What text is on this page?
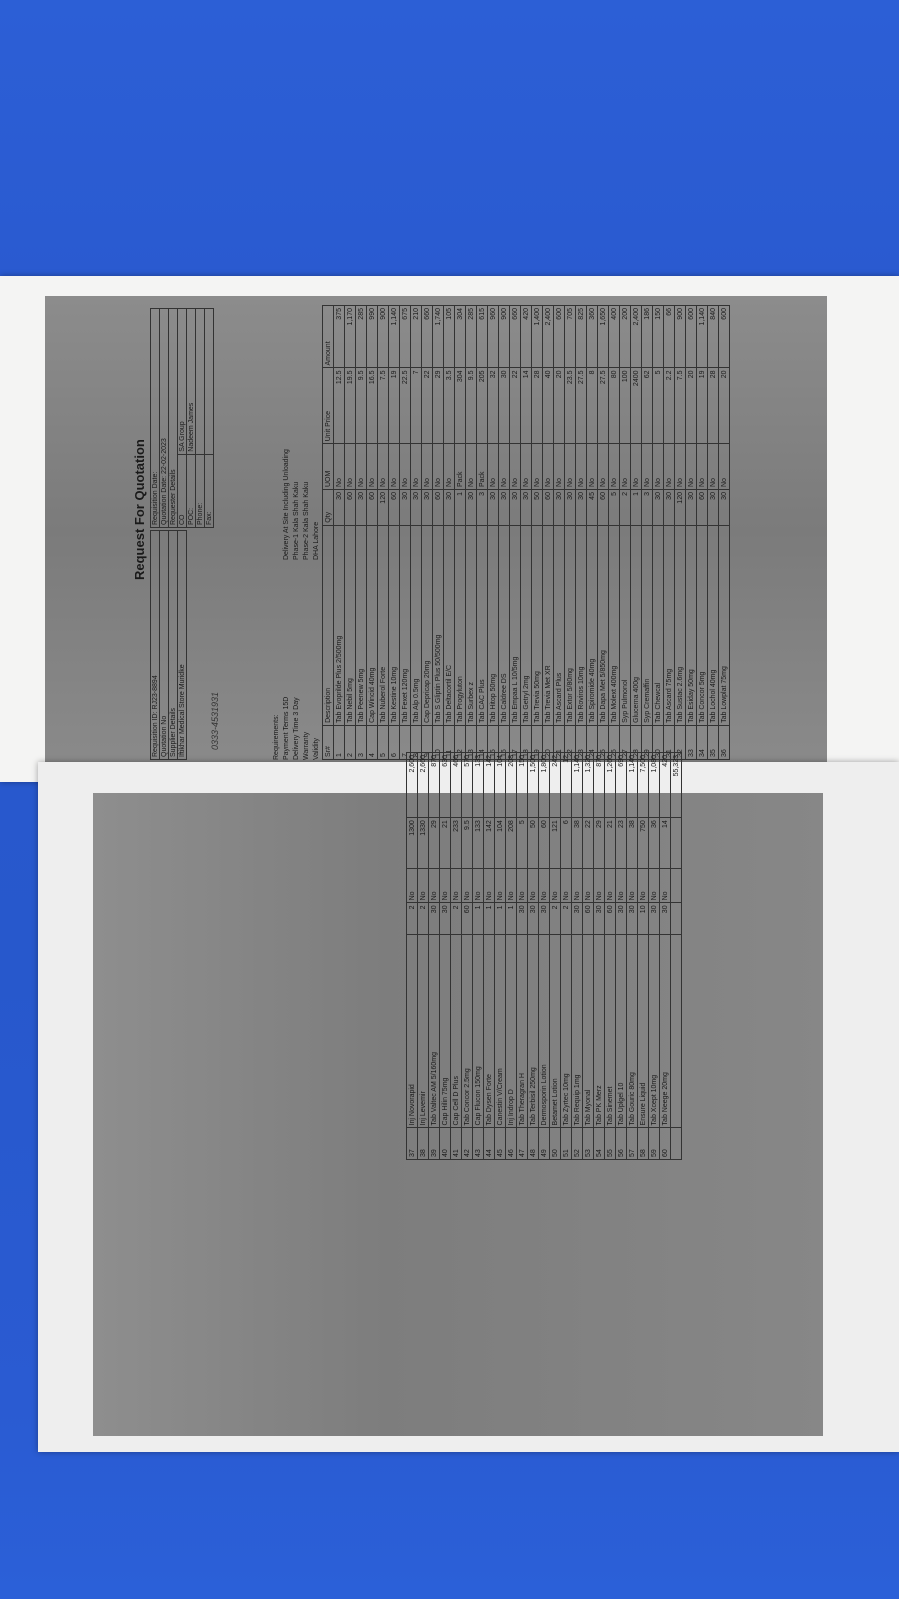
Request For Quotation
Requisition ID: RJ23-8894
Quotation No
Supplier Details
Iftikhar Medical Store Muridke
Requisition Date:	
Quotation Date: 22-02-2023	
Requester Details	
CO	SA Group
POC:	Nadeem James
Phone:	
Fax:	
0333-4531931	Requirements: Payment Terms 15D Delivery Time 3 Day Warranty Validity
Delivery At Site Including Unloading Phase-1 Kala Shah Kaku Phase-2 Kala Shah Kaku DHA Lahore
Sr#	Description	Qty	UOM	Unit Price	Amount
1	Tab Evoprilde Plus 2/500mg	30	No	12.5	375
2	Tab Nebil 5mg	60	No	19.5	1,170
3	Tab Peenew 5mg	30	No	9.5	285
4	Cap Wincid 40mg	60	No	16.5	990
5	Tab Nuberol Forte	120	No	7.5	900
6	Tab Kestine 10mg	60	No	19	1,140
7	Tab Fexet 120mg	30	No	22.5	675
8	Tab Alp 0.5mg	30	No	7	210
9	Cap Depricap 20mg	30	No	22	660
10	Tab S Gliptin Plus 50/500mg	60	No	29	1,740
11	Tab Deltacortil E/C	30	No	3.5	105
12	Tab Progyluton	1	Pack	304	304
13	Tab Surbex z	30	No	9.5	285
14	Tab CAC Plus	3	Pack	205	615
15	Tab Hitop 50mg	30	No	32	960
16	Tab Caldree DS	30	No	30	900
17	Tab Empaa L 10/5mg	30	No	22	660
18	Tab Getryl 2mg	30	No	14	420
19	Tab Trevia 50mg	50	No	28	1,400
20	Tab Trevia Met XR	60	No	40	2,400
21	Tab Ascard Plus	30	No	20	600
22	Tab Extor 5/80mg	30	No	23.5	705
23	Tab Roviros 10mg	30	No	27.5	825
24	Tab Spiromide 40mg	45	No	8	360
25	Tab Dapa Met 5/850mg	60	No	27.5	1,650
26	Tab Molext 400mg	5	No	80	400
27	Syp Pulmonol	2	No	100	200
28	Glucerna 400g	1	No	2400	2,400
29	Syp Cremaffin	3	No	62	186
30	Tab Chewcal	30	No	5	150
31	Tab Ascard 75mg	30	No	2.2	66
32	Tab Sustac 2.6mg	120	No	7.5	900
33	Tab Esiday 50mg	30	No	20	600
34	Tab Concor 5mg	60	No	19	1,140
35	Tab Lochol 40mg	30	No	28	840
36	Tab Lowplat 75mg	30	No	20	600
37	Inj Novorapid	2	No	1300	2,600
38	Inj Levemir	2	No	1330	2,660
39	Tab Valtec AM 5/160mg	30	No	29	870
40	Cap Hilin 75mg	30	No	21	630
41	Cap Cell D Plus	2	No	233	466
42	Tab Concor 2.5mg	60	No	9.5	570
43	Cap Flucon 150mg	1	No	133	133
44	Tab Dysen Forte	1	No	142	142
45	Canestin V/Cream	1	No	104	104
46	Inj Indrop D	1	No	208	208
47	Tab Theragran H	30	No	5	150
48	Tab Terbisil 250mg	30	No	50	1,500
49	Dermosporin Lotion	30	No	60	1,800
50	Betamet Lotion	2	No	121	242
51	Tab Zyrtec 10mg	2	No	6	12
52	Tab Requip 1mg	30	No	38	1,140
53	Tab Myonal	60	No	22	1,320
54	Tab PK Merz	30	No	29	870
55	Tab Sinemet	60	No	21	1,260
56	Tab Uplgel 10	30	No	23	690
57	Tab Gouric 80mg	30	No	38	1,140
58	Ensure Liquid	10	No	750	7,500
59	Tab Xcept 10mg	30	No	36	1,080
60	Tab Neege 20mg	30	No	14	420
					55,323
